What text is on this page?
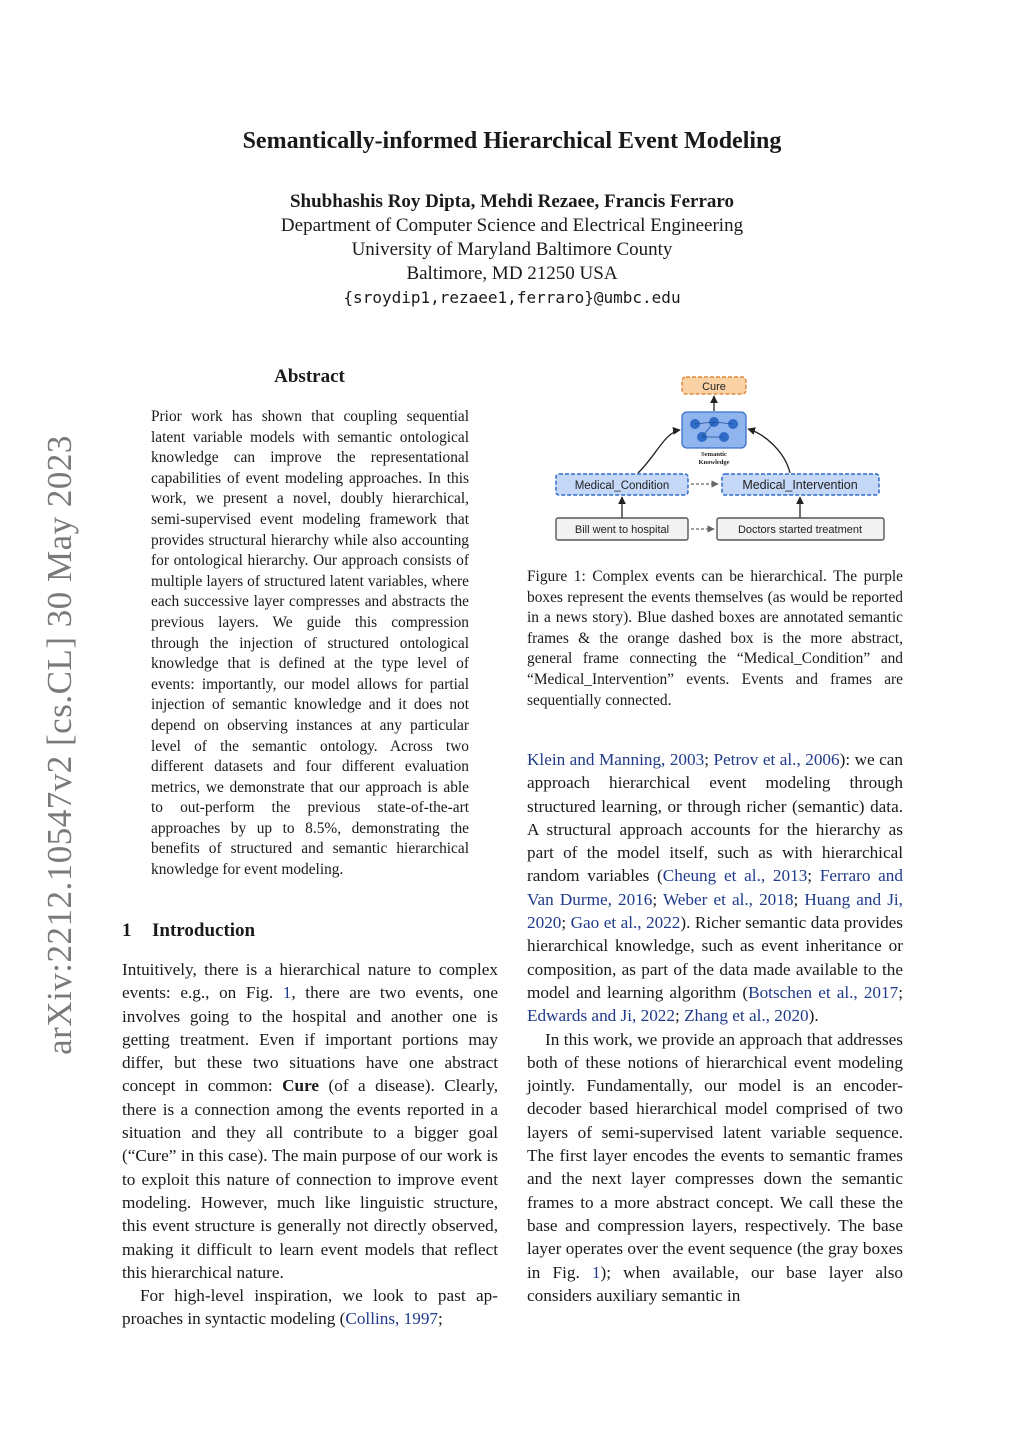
arXiv:2212.10547v2 [cs.CL] 30 May 2023
Semantically-informed Hierarchical Event Modeling
Shubhashis Roy Dipta, Mehdi Rezaee, Francis Ferraro
Department of Computer Science and Electrical Engineering
University of Maryland Baltimore County
Baltimore, MD 21250 USA
{sroydip1,rezaee1,ferraro}@umbc.edu
Abstract
Prior work has shown that coupling sequential latent variable models with semantic ontological knowledge can improve the representational capabilities of event modeling approaches. In this work, we present a novel, doubly hierarchical, semi-supervised event modeling framework that provides structural hierarchy while also accounting for ontological hierarchy. Our approach consists of multiple layers of structured latent variables, where each successive layer compresses and abstracts the previous layers. We guide this compression through the injection of structured ontological knowledge that is defined at the type level of events: importantly, our model allows for partial injection of semantic knowledge and it does not depend on observing instances at any particular level of the semantic ontology. Across two different datasets and four different evaluation metrics, we demonstrate that our approach is able to out-perform the previous state-of-the-art approaches by up to 8.5%, demonstrating the benefits of structured and semantic hierarchical knowledge for event modeling.
1 Introduction

Intuitively, there is a hierarchical nature to complex events: e.g., on Fig. 1, there are two events, one involves going to the hospital and another one is getting treatment. Even if important portions may differ, but these two situations have one abstract concept in common: Cure (of a disease). Clearly, there is a connection among the events reported in a situation and they all contribute to a bigger goal (“Cure” in this case). The main purpose of our work is to exploit this nature of connection to improve event modeling. However, much like linguistic structure, this event structure is generally not directly observed, making it difficult to learn event models that reflect this hierarchical nature.

For high-level inspiration, we look to past approaches in syntactic modeling (Collins, 1997;

Cure
Semantic
Knowledge
Medical_Condition	Medical_Intervention
Bill went to hospital	Doctors started treatment
Figure 1: Complex events can be hierarchical. The purple boxes represent the events themselves (as would be reported in a news story). Blue dashed boxes are annotated semantic frames & the orange dashed box is the more abstract, general frame connecting the “Medical_Condition” and “Medical_Intervention” events. Events and frames are sequentially connected.

Klein and Manning, 2003; Petrov et al., 2006): we can approach hierarchical event modeling through structured learning, or through richer (semantic) data. A structural approach accounts for the hierarchy as part of the model itself, such as with hierarchical random variables (Cheung et al., 2013; Ferraro and Van Durme, 2016; Weber et al., 2018; Huang and Ji, 2020; Gao et al., 2022). Richer semantic data provides hierarchical knowledge, such as event inheritance or composition, as part of the data made available to the model and learning algorithm (Botschen et al., 2017; Edwards and Ji, 2022; Zhang et al., 2020).

In this work, we provide an approach that addresses both of these notions of hierarchical event modeling jointly. Fundamentally, our model is an encoder-decoder based hierarchical model comprised of two layers of semi-supervised latent variable sequence. The first layer encodes the events to semantic frames and the next layer compresses down the semantic frames to a more abstract concept. We call these the base and compression layers, respectively. The base layer operates over the event sequence (the gray boxes in Fig. 1); when available, our base layer also considers auxiliary semantic in
